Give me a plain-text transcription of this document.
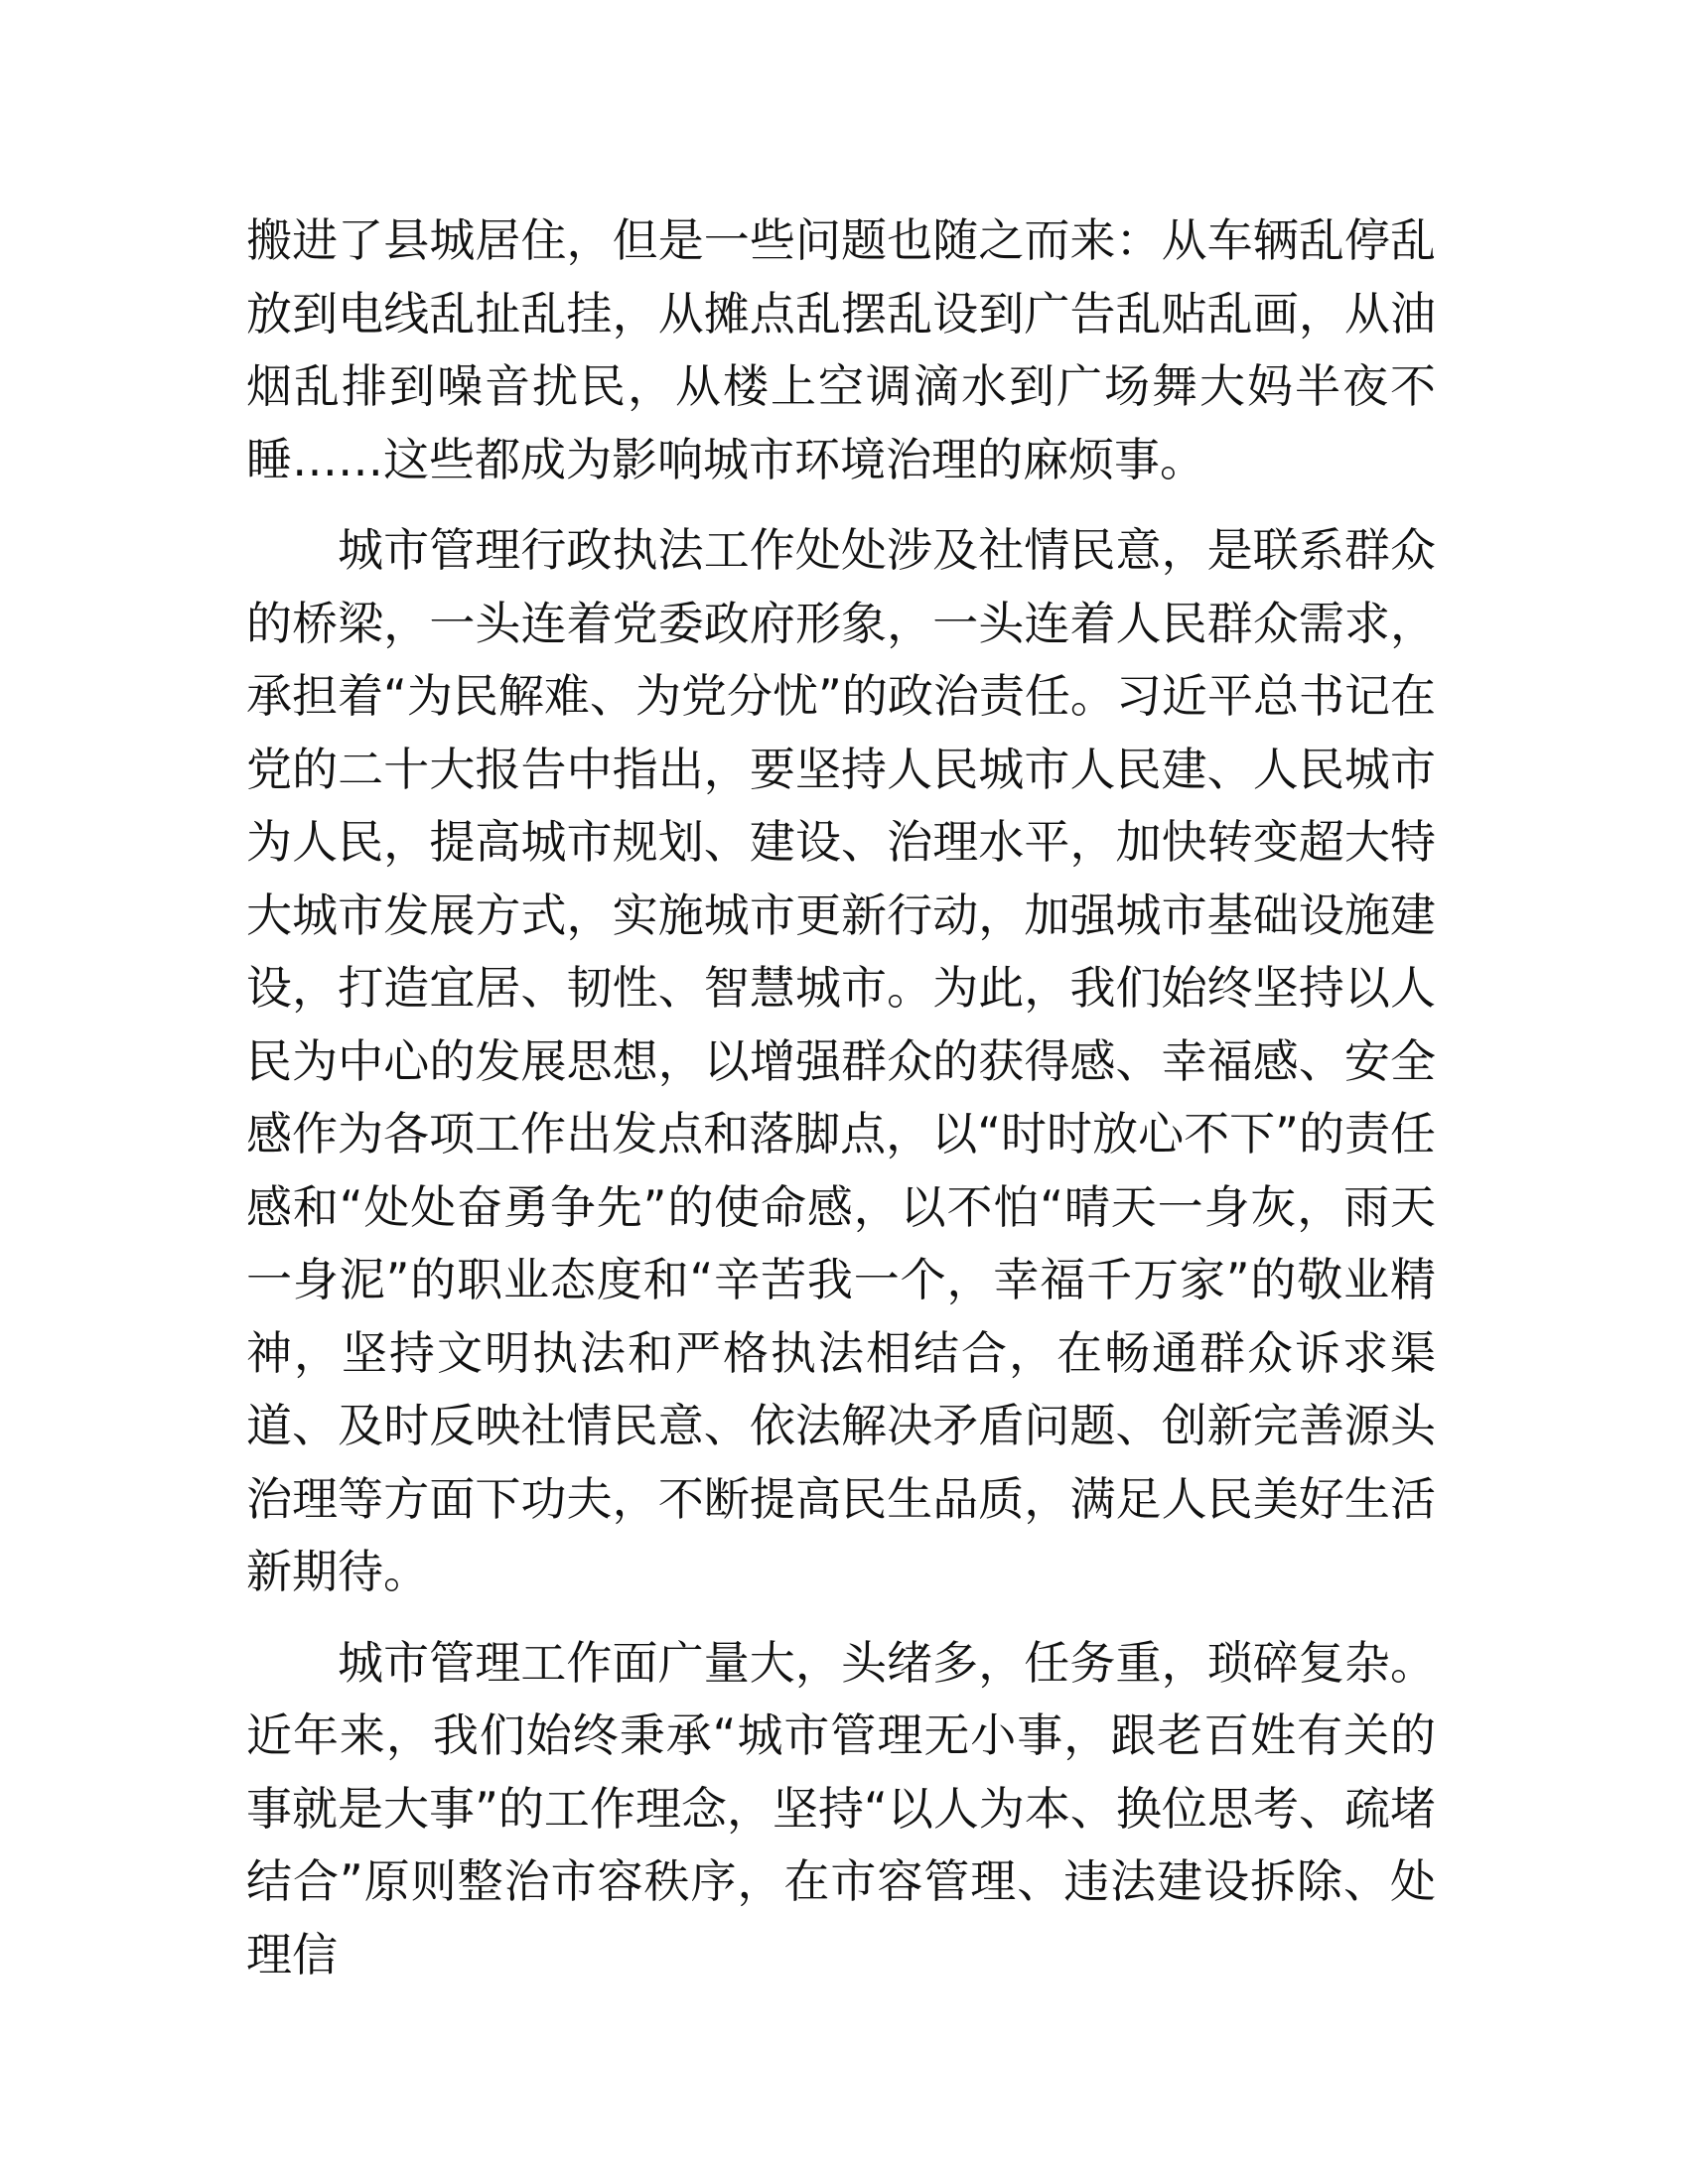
搬进了县城居住，但是一些问题也随之而来：从车辆乱停乱放到电线乱扯乱挂，从摊点乱摆乱设到广告乱贴乱画，从油烟乱排到噪音扰民，从楼上空调滴水到广场舞大妈半夜不睡……这些都成为影响城市环境治理的麻烦事。

城市管理行政执法工作处处涉及社情民意，是联系群众的桥梁，一头连着党委政府形象，一头连着人民群众需求，承担着“为民解难、为党分忧”的政治责任。习近平总书记在党的二十大报告中指出，要坚持人民城市人民建、人民城市为人民，提高城市规划、建设、治理水平，加快转变超大特大城市发展方式，实施城市更新行动，加强城市基础设施建设，打造宜居、韧性、智慧城市。为此，我们始终坚持以人民为中心的发展思想，以增强群众的获得感、幸福感、安全感作为各项工作出发点和落脚点，以“时时放心不下”的责任感和“处处奋勇争先”的使命感，以不怕“晴天一身灰，雨天一身泥”的职业态度和“辛苦我一个，幸福千万家”的敬业精神，坚持文明执法和严格执法相结合，在畅通群众诉求渠道、及时反映社情民意、依法解决矛盾问题、创新完善源头治理等方面下功夫，不断提高民生品质，满足人民美好生活新期待。

城市管理工作面广量大，头绪多，任务重，琐碎复杂。近年来，我们始终秉承“城市管理无小事，跟老百姓有关的事就是大事”的工作理念，坚持“以人为本、换位思考、疏堵结合”原则整治市容秩序，在市容管理、违法建设拆除、处理信
